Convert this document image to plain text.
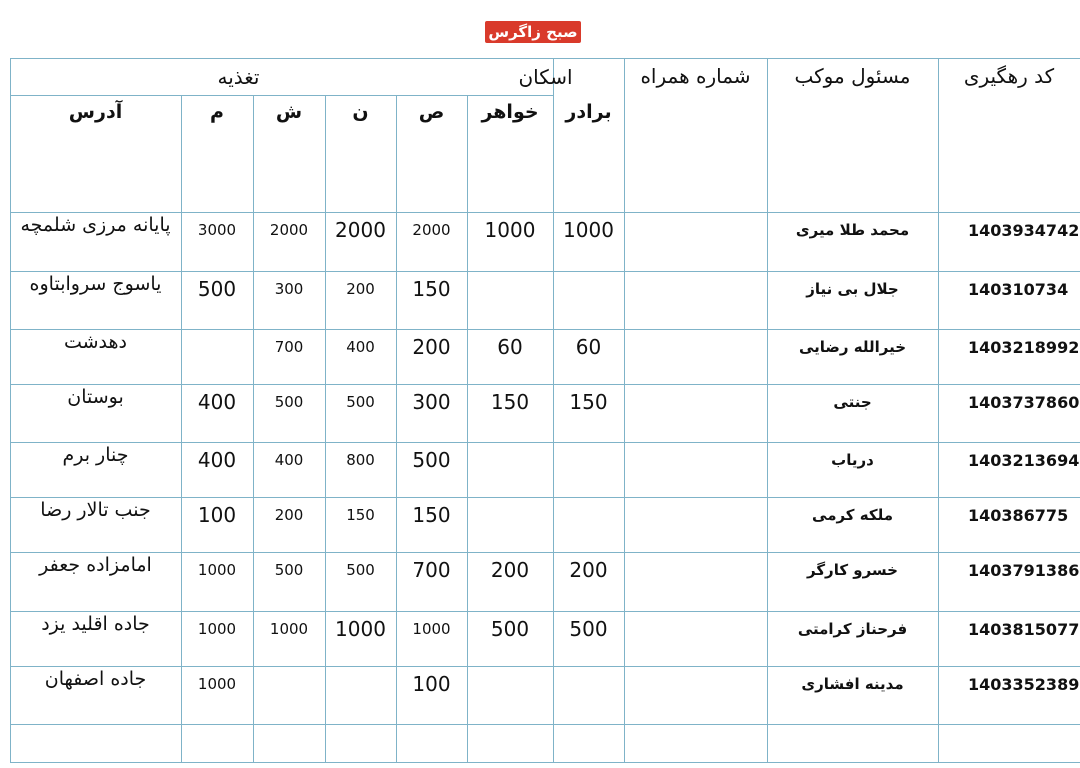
صبح زاگرس
کد رهگیری
مسئول موکب
شماره همراه
اسکان
تغذیه
برادر
خواهر
ص
ن
ش
م
آدرس
1403934742
محمد طلا میری
1000
1000
2000
2000
2000
3000
پایانه مرزی شلمچه
140310734
جلال بی نیاز
150
200
300
500
یاسوج سروابتاوه
1403218992
خیرالله رضایی
60
60
200
400
700
دهدشت
1403737860
جنتی
150
150
300
500
500
400
بوستان
1403213694
دریاب
500
800
400
400
چنار برم
140386775
ملکه کرمی
150
150
200
100
جنب تالار رضا
1403791386
خسرو کارگر
200
200
700
500
500
1000
امامزاده جعفر
1403815077
فرحناز کرامتی
500
500
1000
1000
1000
1000
جاده اقلید یزد
1403352389
مدینه افشاری
100
1000
جاده اصفهان
